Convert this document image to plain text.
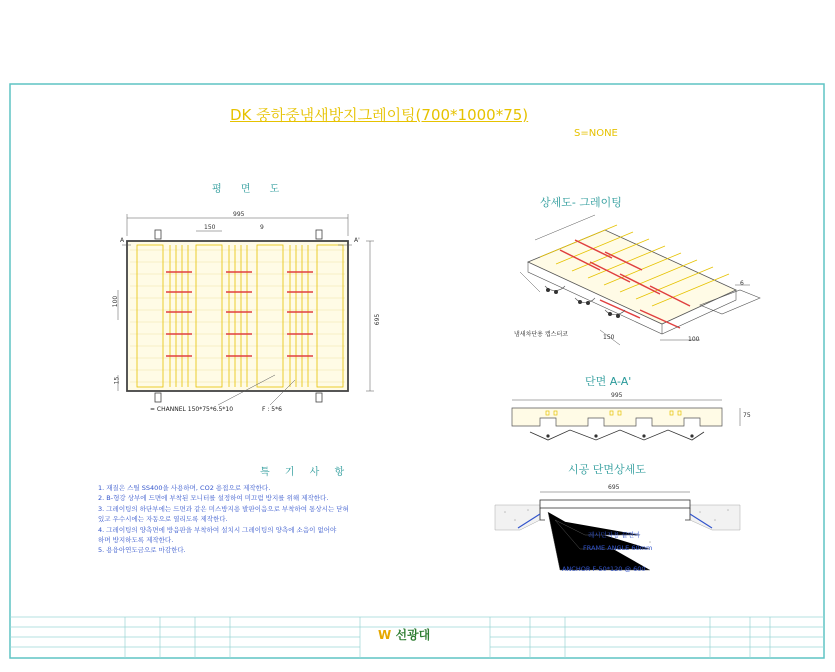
DK 중하중냄새방지그레이팅(700*1000*75)
S=NONE
평 면 도
995
150	9
695
100
15
A	A'
= CHANNEL 150*75*6.5*10	F : 5*6
상세도- 그레이팅
150	100
6
냄새차단용 캡스터코
단면 A-A'
995
75
시공 단면상세도
695
레시던자용 끝연마
FRAME ANGLE 60mm
ANCHOR F-50*120 @ 600
특 기 사 항
1. 재질은 스틸 SS400을 사용하며, CO2 용접으로 제작한다.
2. B-형강 상부에 드면에 부착된 모니터를 설정하여 미끄럼 방지를 위해 제작한다.
3. 그레이팅의 하단부에는 드면과 같은 미스방지용 발판이음으로 부착하여 통상시는 닫혀
있고 우수시에는 자동으로 열리도록 제작한다.
4. 그레이팅의 양측면에 방음판을 부착하여 설치시 그레이팅의 양측에 소음이 없어야
하며 방지하도록 제작한다.
5. 용융아연도금으로 마감한다.
W 선광대
